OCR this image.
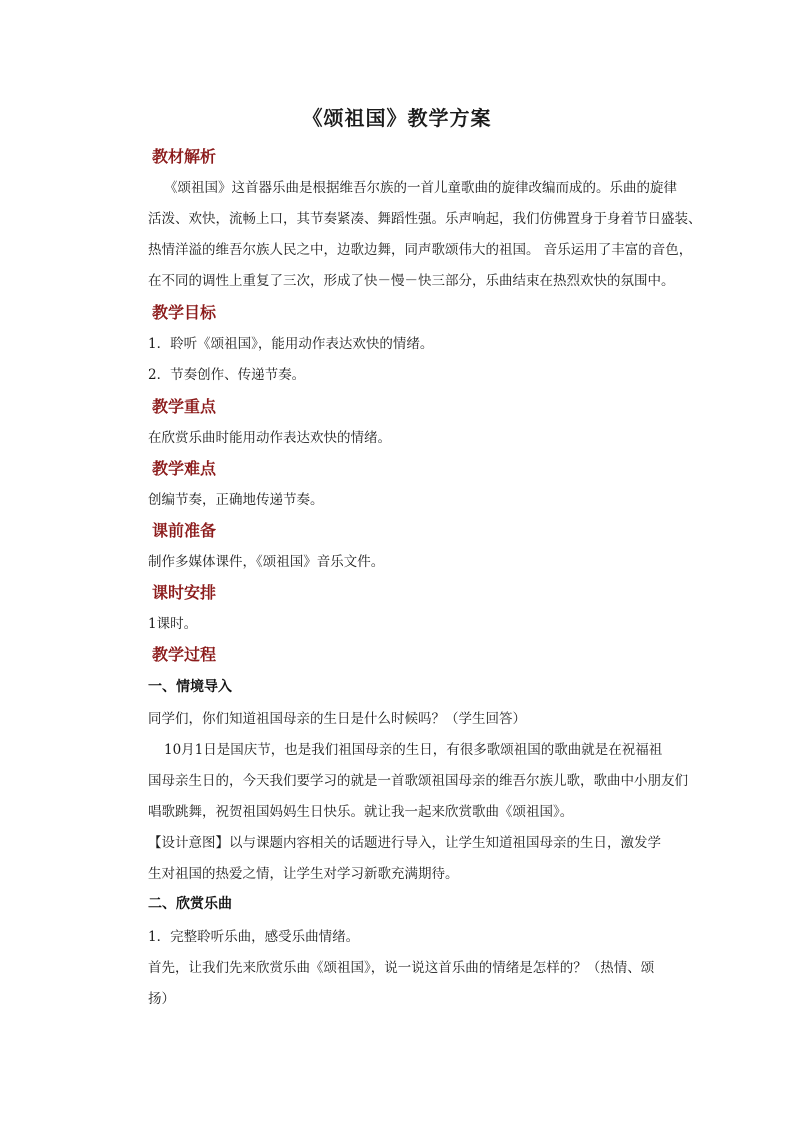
《颂祖国》教学方案
教材解析
《颂祖国》这首器乐曲是根据维吾尔族的一首儿童歌曲的旋律改编而成的。乐曲的旋律
活泼、欢快，流畅上口，其节奏紧凑、舞蹈性强。乐声响起，我们仿佛置身于身着节日盛装、
热情洋溢的维吾尔族人民之中，边歌边舞，同声歌颂伟大的祖国。 音乐运用了丰富的音色，
在不同的调性上重复了三次，形成了快－慢－快三部分，乐曲结束在热烈欢快的氛围中。
教学目标
1．聆听《颂祖国》，能用动作表达欢快的情绪。
2．节奏创作、传递节奏。
教学重点
在欣赏乐曲时能用动作表达欢快的情绪。
教学难点
创编节奏，正确地传递节奏。
课前准备
制作多媒体课件，《颂祖国》音乐文件。
课时安排
1课时。
教学过程
一、情境导入
同学们，你们知道祖国母亲的生日是什么时候吗？（学生回答）
10月1日是国庆节，也是我们祖国母亲的生日，有很多歌颂祖国的歌曲就是在祝福祖
国母亲生日的，今天我们要学习的就是一首歌颂祖国母亲的维吾尔族儿歌，歌曲中小朋友们
唱歌跳舞，祝贺祖国妈妈生日快乐。就让我一起来欣赏歌曲《颂祖国》。
【设计意图】以与课题内容相关的话题进行导入，让学生知道祖国母亲的生日，激发学
生对祖国的热爱之情，让学生对学习新歌充满期待。
二、欣赏乐曲
1．完整聆听乐曲，感受乐曲情绪。
首先，让我们先来欣赏乐曲《颂祖国》，说一说这首乐曲的情绪是怎样的？（热情、颂
扬）
